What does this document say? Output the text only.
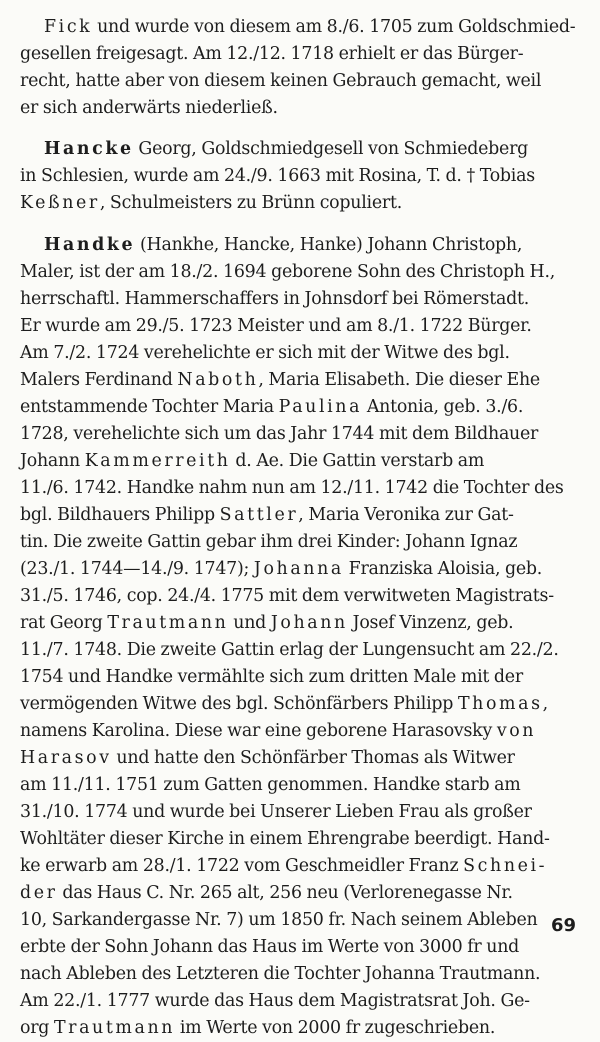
Fick und wurde von diesem am 8./6. 1705 zum Goldschmied-
gesellen freigesagt. Am 12./12. 1718 erhielt er das Bürger-
recht, hatte aber von diesem keinen Gebrauch gemacht, weil
er sich anderwärts niederließ.
Hancke Georg, Goldschmiedgesell von Schmiedeberg
in Schlesien, wurde am 24./9. 1663 mit Rosina, T. d. † Tobias
Keßner, Schulmeisters zu Brünn copuliert.
Handke (Hankhe, Hancke, Hanke) Johann Christoph,
Maler, ist der am 18./2. 1694 geborene Sohn des Christoph H.,
herrschaftl. Hammerschaffers in Johnsdorf bei Römerstadt.
Er wurde am 29./5. 1723 Meister und am 8./1. 1722 Bürger.
Am 7./2. 1724 verehelichte er sich mit der Witwe des bgl.
Malers Ferdinand Naboth, Maria Elisabeth. Die dieser Ehe
entstammende Tochter Maria Paulina Antonia, geb. 3./6.
1728, verehelichte sich um das Jahr 1744 mit dem Bildhauer
Johann Kammerreith d. Ae. Die Gattin verstarb am
11./6. 1742. Handke nahm nun am 12./11. 1742 die Tochter des
bgl. Bildhauers Philipp Sattler, Maria Veronika zur Gat-
tin. Die zweite Gattin gebar ihm drei Kinder: Johann Ignaz
(23./1. 1744—14./9. 1747); Johanna Franziska Aloisia, geb.
31./5. 1746, cop. 24./4. 1775 mit dem verwitweten Magistrats-
rat Georg Trautmann und Johann Josef Vinzenz, geb.
11./7. 1748. Die zweite Gattin erlag der Lungensucht am 22./2.
1754 und Handke vermählte sich zum dritten Male mit der
vermögenden Witwe des bgl. Schönfärbers Philipp Thomas,
namens Karolina. Diese war eine geborene Harasovsky von
Harasov und hatte den Schönfärber Thomas als Witwer
am 11./11. 1751 zum Gatten genommen. Handke starb am
31./10. 1774 und wurde bei Unserer Lieben Frau als großer
Wohltäter dieser Kirche in einem Ehrengrabe beerdigt. Hand-
ke erwarb am 28./1. 1722 vom Geschmeidler Franz Schnei-
der das Haus C. Nr. 265 alt, 256 neu (Verlorenegasse Nr.
10, Sarkandergasse Nr. 7) um 1850 fr. Nach seinem Ableben
erbte der Sohn Johann das Haus im Werte von 3000 fr und
nach Ableben des Letzteren die Tochter Johanna Trautmann.
Am 22./1. 1777 wurde das Haus dem Magistratsrat Joh. Ge-
org Trautmann im Werte von 2000 fr zugeschrieben.
69
